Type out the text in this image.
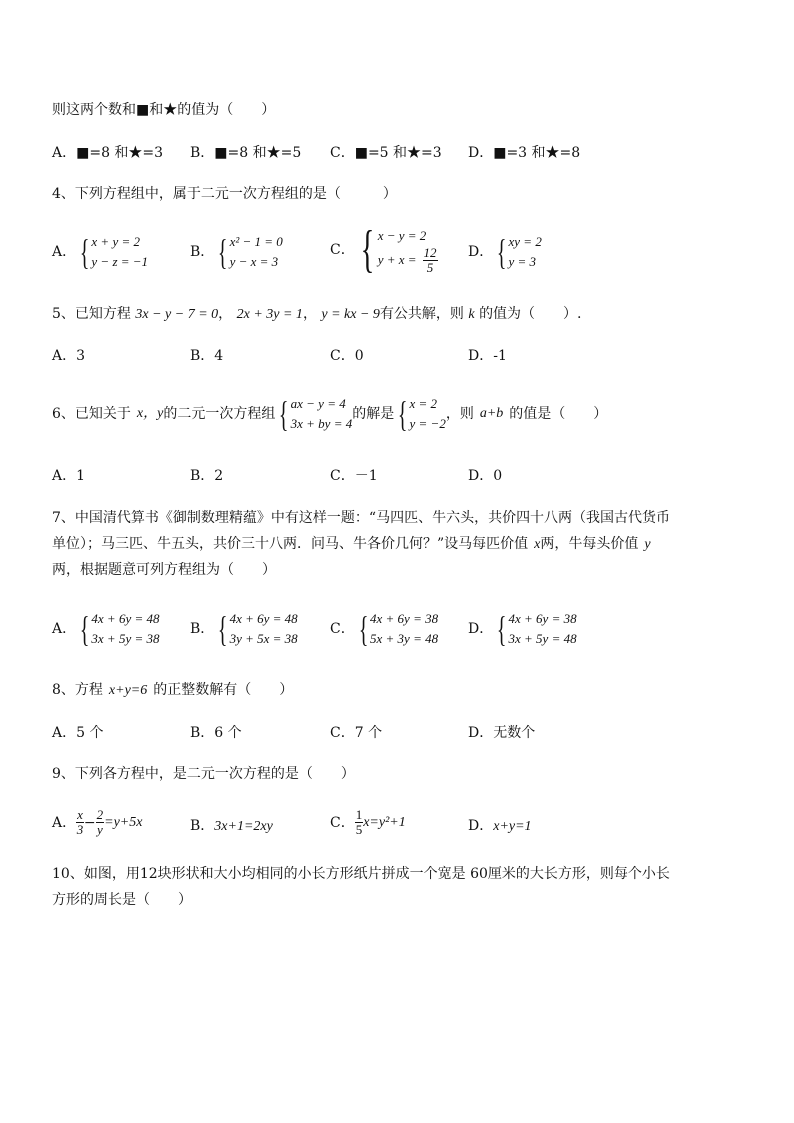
则这两个数和■和★的值为（　　）
A．■=8 和★=3 B．■=8 和★=5 C．■=5 和★=3 D．■=3 和★=8
4、下列方程组中，属于二元一次方程组的是（　　　）
A． { x + y = 2
y − z = −1
B． { x² − 1 = 0
y − x = 3
C． { x − y = 2
$y + x = \frac{12}{5}$ D． { xy = 2
y = 3
5、已知方程 3x − y − 7 = 0， 2x + 3y = 1， y = kx − 9有公共解，则 k 的值为（　　）.
A．3	B．4	C．0	D．-1
6、已知关于 x，y 的二元一次方程组 { ax − y = 4
3x + by = 4
的解是 { x = 2
y = −2
，则 a+b 的值是（　　）
A．1	B．2	C．－1	D．0
7、中国清代算书《御制数理精蕴》中有这样一题：“马四匹、牛六头，共价四十八两（我国古代货币
单位）；马三匹、牛五头，共价三十八两．问马、牛各价几何？”设马每匹价值 x两，牛每头价值 y
两，根据题意可列方程组为（　　）
A． { 4x + 6y = 48
3x + 5y = 38
B． { 4x + 6y = 48
3y + 5x = 38
C． { 4x + 6y = 38
5x + 3y = 48
D． { 4x + 6y = 38
3x + 5y = 48
8、方程 x+y=6 的正整数解有（　　）
A．5 个	B．6 个	C．7 个	D．无数个
9、下列各方程中，是二元一次方程的是（　　）
A． $\frac{x}{3} - \frac{2}{y} =y+5x$	B．3x+1=2xy	C． $\frac{1}{5} x=y^2+1$	D．x+y=1
10、如图，用12块形状和大小均相同的小长方形纸片拼成一个宽是 60厘米的大长方形，则每个小长
方形的周长是（　　）
